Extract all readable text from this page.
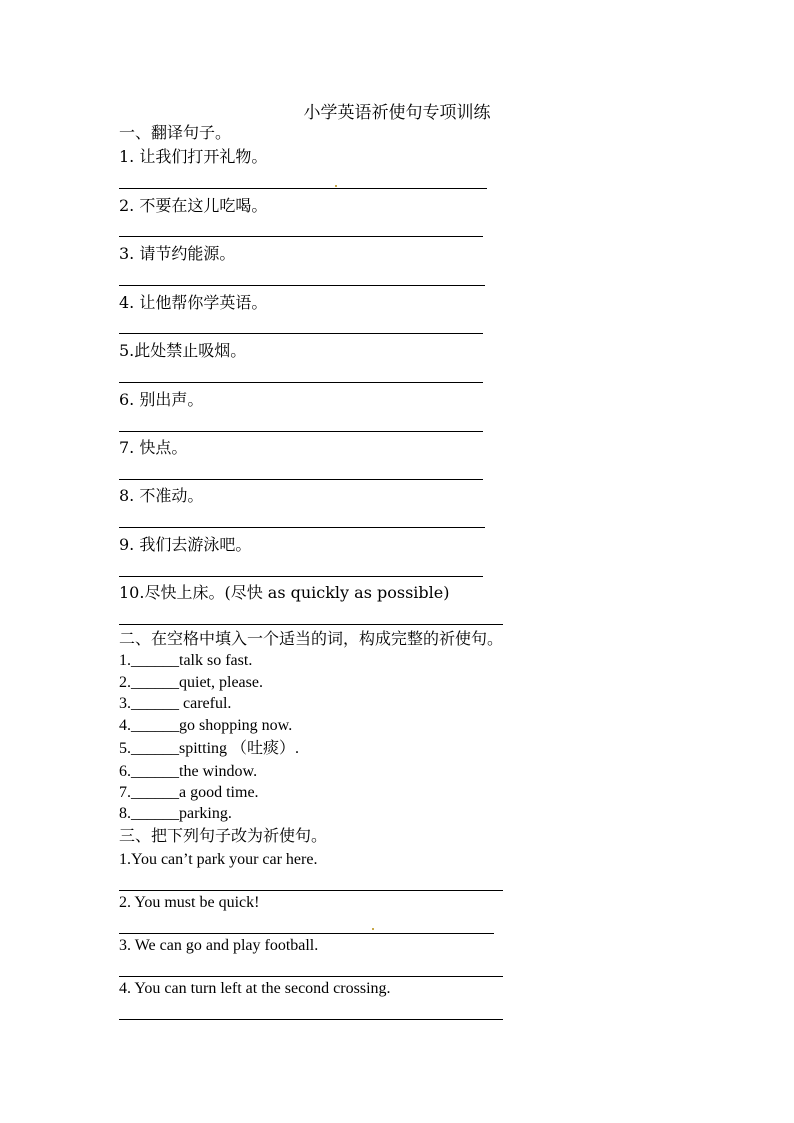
小学英语祈使句专项训练
一、翻译句子。
1. 让我们打开礼物。
2. 不要在这儿吃喝。
3. 请节约能源。
4. 让他帮你学英语。
5.此处禁止吸烟。
6. 别出声。
7. 快点。
8. 不准动。
9. 我们去游泳吧。
10.尽快上床。(尽快 as quickly as possible)
二、在空格中填入一个适当的词，构成完整的祈使句。
1.______talk so fast.
2.______quiet, please.
3.______ careful.
4.______go shopping now.
5.______spitting （吐痰）.
6.______the window.
7.______a good time.
8.______parking.
三、把下列句子改为祈使句。
1.You can’t park your car here.
2. You must be quick!
3. We can go and play football.
4. You can turn left at the second crossing.
